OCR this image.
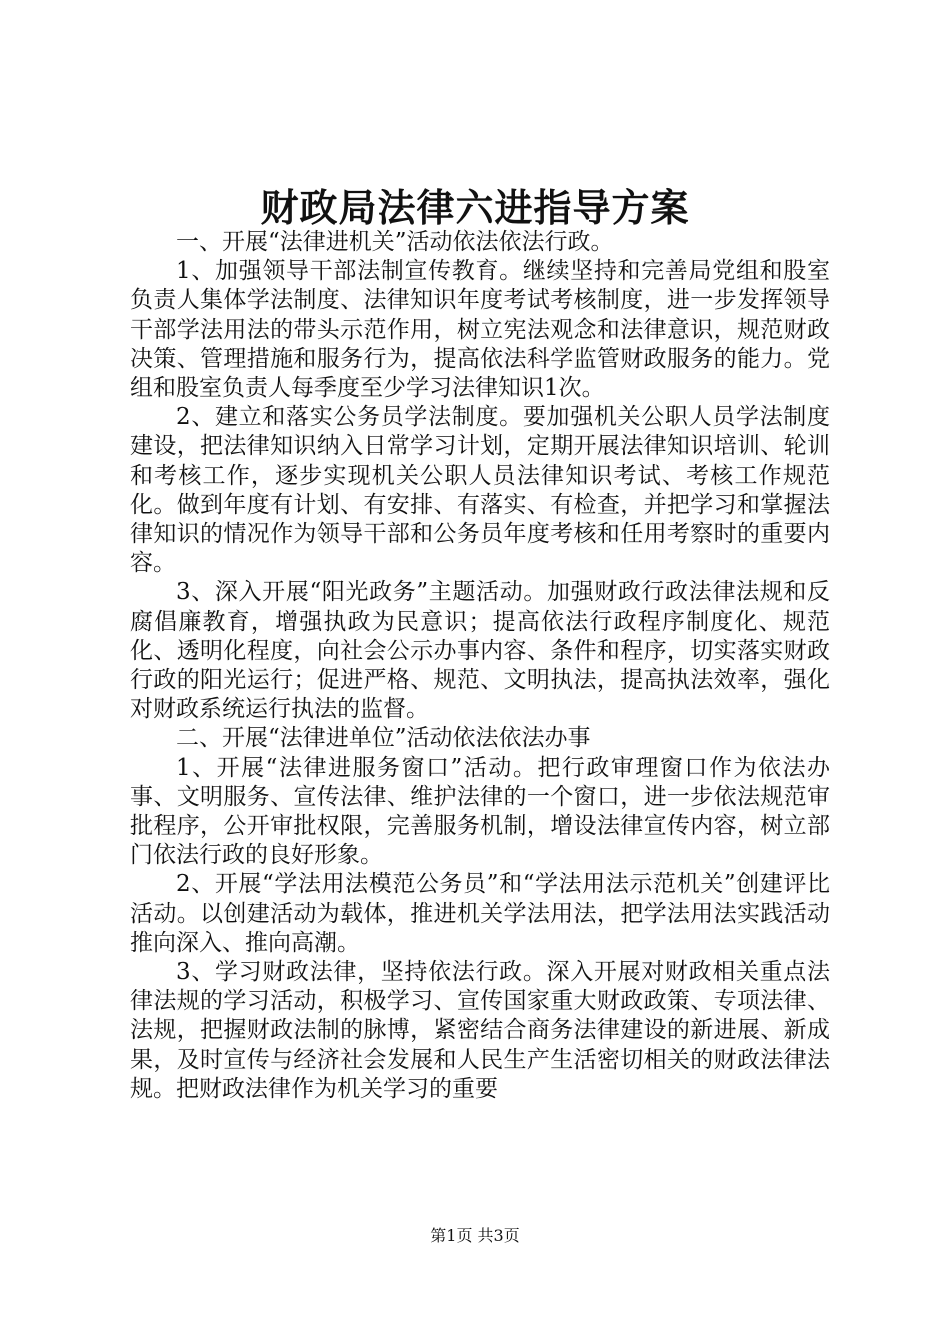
财政局法律六进指导方案

一、开展“法律进机关”活动依法依法行政。

1、加强领导干部法制宣传教育。继续坚持和完善局党组和股室负责人集体学法制度、法律知识年度考试考核制度，进一步发挥领导干部学法用法的带头示范作用，树立宪法观念和法律意识，规范财政决策、管理措施和服务行为，提高依法科学监管财政服务的能力。党组和股室负责人每季度至少学习法律知识1次。

2、建立和落实公务员学法制度。要加强机关公职人员学法制度建设，把法律知识纳入日常学习计划，定期开展法律知识培训、轮训和考核工作，逐步实现机关公职人员法律知识考试、考核工作规范化。做到年度有计划、有安排、有落实、有检查，并把学习和掌握法律知识的情况作为领导干部和公务员年度考核和任用考察时的重要内容。

3、深入开展“阳光政务”主题活动。加强财政行政法律法规和反腐倡廉教育，增强执政为民意识；提高依法行政程序制度化、规范化、透明化程度，向社会公示办事内容、条件和程序，切实落实财政行政的阳光运行；促进严格、规范、文明执法，提高执法效率，强化对财政系统运行执法的监督。

二、开展“法律进单位”活动依法依法办事

1、开展“法律进服务窗口”活动。把行政审理窗口作为依法办事、文明服务、宣传法律、维护法律的一个窗口，进一步依法规范审批程序，公开审批权限，完善服务机制，增设法律宣传内容，树立部门依法行政的良好形象。

2、开展“学法用法模范公务员”和“学法用法示范机关”创建评比活动。以创建活动为载体，推进机关学法用法，把学法用法实践活动推向深入、推向高潮。

3、学习财政法律，坚持依法行政。深入开展对财政相关重点法律法规的学习活动，积极学习、宣传国家重大财政政策、专项法律、法规，把握财政法制的脉博，紧密结合商务法律建设的新进展、新成果，及时宣传与经济社会发展和人民生产生活密切相关的财政法律法规。把财政法律作为机关学习的重要

第1页 共3页
